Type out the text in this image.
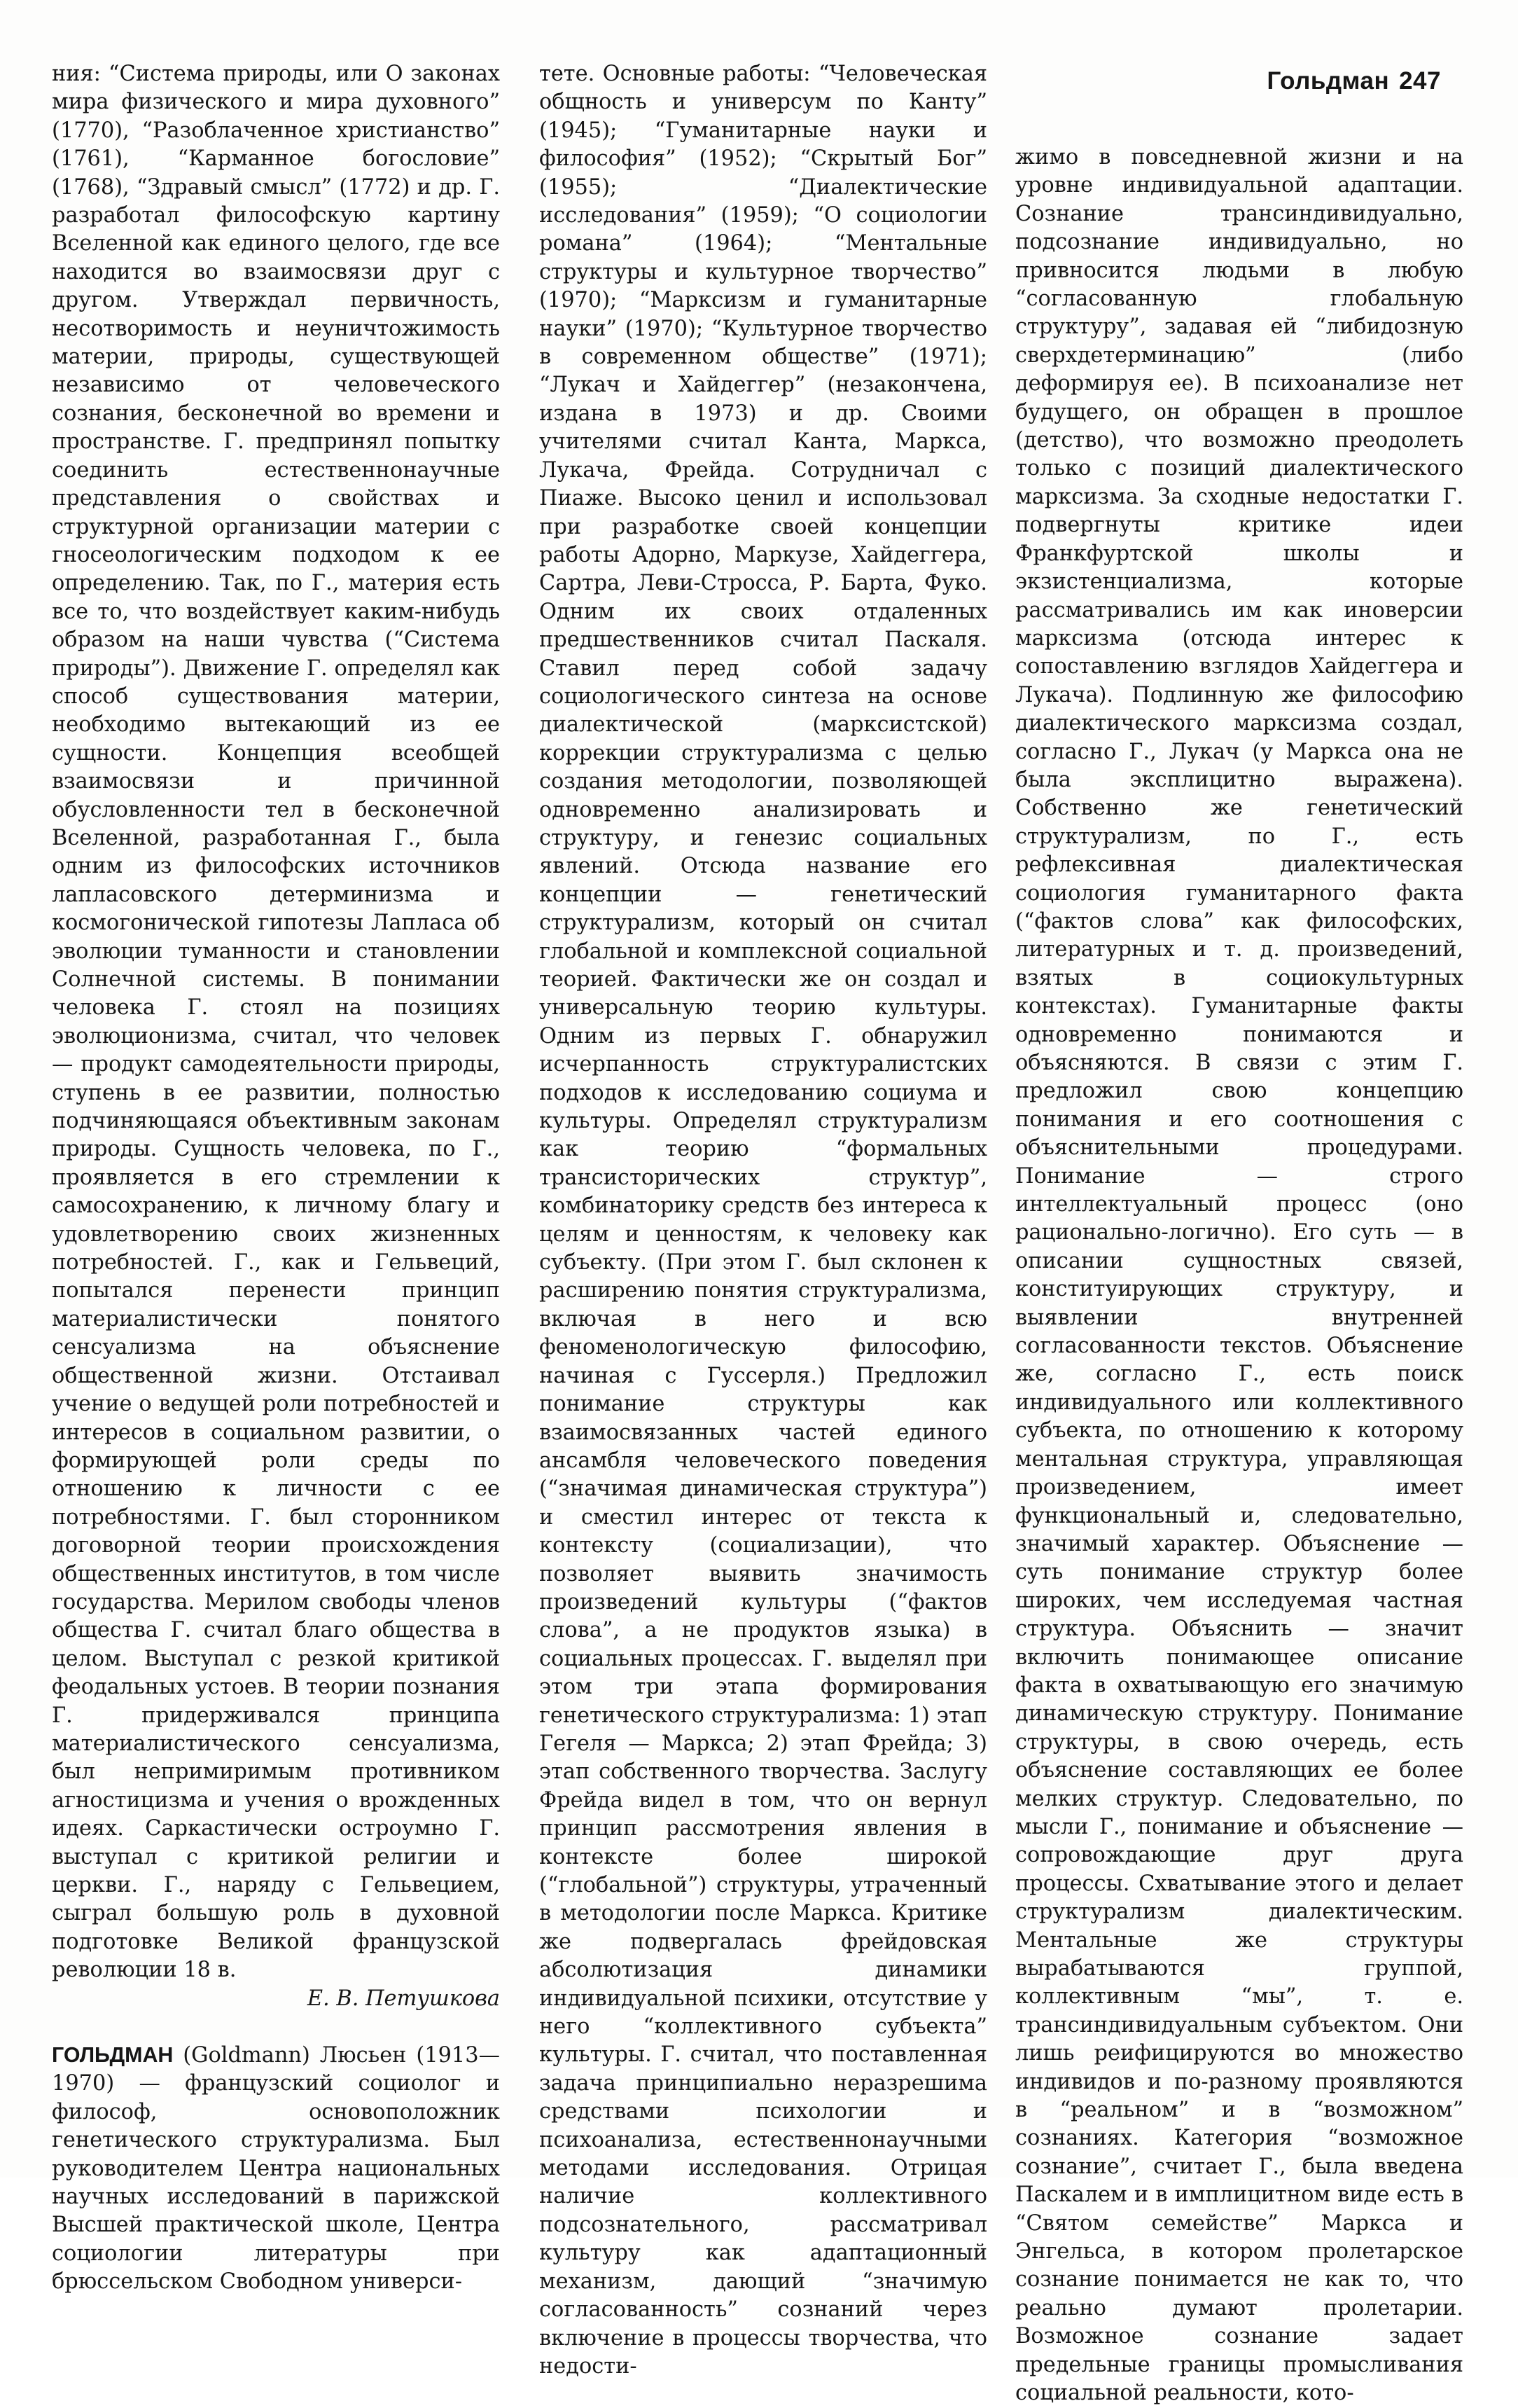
Гольдман 247

ния: “Система природы, или О законах мира физического и мира духовного” (1770), “Разоблаченное христианство” (1761), “Карманное богословие” (1768), “Здравый смысл” (1772) и др. Г. разработал философскую картину Вселенной как единого целого, где все находится во взаимосвязи друг с другом. Утверждал первичность, несотворимость и неуничтожимость материи, природы, существующей независимо от человеческого сознания, бесконечной во времени и пространстве. Г. предпринял попытку соединить естественнонаучные представления о свойствах и структурной организации материи с гносеологическим подходом к ее определению. Так, по Г., материя есть все то, что воздействует каким-нибудь образом на наши чувства (“Система природы”). Движение Г. определял как способ существования материи, необходимо вытекающий из ее сущности. Концепция всеобщей взаимосвязи и причинной обусловленности тел в бесконечной Вселенной, разработанная Г., была одним из философских источников лапласовского детерминизма и космогонической гипотезы Лапласа об эволюции туманности и становлении Солнечной системы. В понимании человека Г. стоял на позициях эволюционизма, считал, что человек — продукт самодеятельности природы, ступень в ее развитии, полностью подчиняющаяся объективным законам природы. Сущность человека, по Г., проявляется в его стремлении к самосохранению, к личному благу и удовлетворению своих жизненных потребностей. Г., как и Гельвеций, попытался перенести принцип материалистически понятого сенсуализма на объяснение общественной жизни. Отстаивал учение о ведущей роли потребностей и интересов в социальном развитии, о формирующей роли среды по отношению к личности с ее потребностями. Г. был сторонником договорной теории происхождения общественных институтов, в том числе государства. Мерилом свободы членов общества Г. считал благо общества в целом. Выступал с резкой критикой феодальных устоев. В теории познания Г. придерживался принципа материалистического сенсуализма, был непримиримым противником агностицизма и учения о врожденных идеях. Саркастически остроумно Г. выступал с критикой религии и церкви. Г., наряду с Гельвецием, сыграл большую роль в духовной подготовке Великой французской революции 18 в.

Е. В. Петушкова

ГОЛЬДМАН (Goldmann) Люсьен (1913—1970) — французский социолог и философ, основоположник генетического структурализма. Был руководителем Центра национальных научных исследований в парижской Высшей практической школе, Центра социологии литературы при брюссельском Свободном универси-

тете. Основные работы: “Человеческая общность и универсум по Канту” (1945); “Гуманитарные науки и философия” (1952); “Скрытый Бог” (1955); “Диалектические исследования” (1959); “О социологии романа” (1964); “Ментальные структуры и культурное творчество” (1970); “Марксизм и гуманитарные науки” (1970); “Культурное творчество в современном обществе” (1971); “Лукач и Хайдеггер” (незаконченa, издана в 1973) и др. Своими учителями считал Канта, Маркса, Лукача, Фрейда. Сотрудничал с Пиаже. Высоко ценил и использовал при разработке своей концепции работы Адорно, Маркузе, Хайдеггера, Сартра, Леви-Стросса, Р. Барта, Фуко. Одним их своих отдаленных предшественников считал Паскаля. Ставил перед собой задачу социологического синтеза на основе диалектической (марксистской) коррекции структурализма с целью создания методологии, позволяющей одновременно анализировать и структуру, и генезис социальных явлений. Отсюда название его концепции — генетический структурализм, который он считал глобальной и комплексной социальной теорией. Фактически же он создал и универсальную теорию культуры. Одним из первых Г. обнаружил исчерпанность структуралистских подходов к исследованию социума и культуры. Определял структурализм как теорию “формальных трансисторических структур”, комбинаторику средств без интереса к целям и ценностям, к человеку как субъекту. (При этом Г. был склонен к расширению понятия структурализма, включая в него и всю феноменологическую философию, начиная с Гуссерля.) Предложил понимание структуры как взаимосвязанных частей единого ансамбля человеческого поведения (“значимая динамическая структура”) и сместил интерес от текста к контексту (социализации), что позволяет выявить значимость произведений культуры (“фактов слова”, а не продуктов языка) в социальных процессах. Г. выделял при этом три этапа формирования генетического структурализма: 1) этап Гегеля — Маркса; 2) этап Фрейда; 3) этап собственного творчества. Заслугу Фрейда видел в том, что он вернул принцип рассмотрения явления в контексте более широкой (“глобальной”) структуры, утраченный в методологии после Маркса. Критике же подвергалась фрейдовская абсолютизация динамики индивидуальной психики, отсутствие у него “коллективного субъекта” культуры. Г. считал, что поставленная задача принципиально неразрешима средствами психологии и психоанализа, естественнонаучными методами исследования. Отрицая наличие коллективного подсознательного, рассматривал культуру как адаптационный механизм, дающий “значимую согласованность” сознаний через включение в процессы творчества, что недости-

жимо в повседневной жизни и на уровне индивидуальной адаптации. Сознание трансиндивидуально, подсознание индивидуально, но привносится людьми в любую “согласованную глобальную структуру”, задавая ей “либидозную сверхдетерминацию” (либо деформируя ее). В психоанализе нет будущего, он обращен в прошлое (детство), что возможно преодолеть только с позиций диалектического марксизма. За сходные недостатки Г. подвергнуты критике идеи Франкфуртской школы и экзистенциализма, которые рассматривались им как иноверсии марксизма (отсюда интерес к сопоставлению взглядов Хайдеггера и Лукача). Подлинную же философию диалектического марксизма создал, согласно Г., Лукач (у Маркса она не была эксплицитно выражена). Собственно же генетический структурализм, по Г., есть рефлексивная диалектическая социология гуманитарного факта (“фактов слова” как философских, литературных и т. д. произведений, взятых в социокультурных контекстах). Гуманитарные факты одновременно понимаются и объясняются. В связи с этим Г. предложил свою концепцию понимания и его соотношения с объяснительными процедурами. Понимание — строго интеллектуальный процесс (оно рационально-логично). Его суть — в описании сущностных связей, конституирующих структуру, и выявлении внутренней согласованности текстов. Объяснение же, согласно Г., есть поиск индивидуального или коллективного субъекта, по отношению к которому ментальная структура, управляющая произведением, имеет функциональный и, следовательно, значимый характер. Объяснение — суть понимание структур более широких, чем исследуемая частная структура. Объяснить — значит включить понимающее описание факта в охватывающую его значимую динамическую структуру. Понимание структуры, в свою очередь, есть объяснение составляющих ее более мелких структур. Следовательно, по мысли Г., понимание и объяснение — сопровождающие друг друга процессы. Схватывание этого и делает структурализм диалектическим. Ментальные же структуры вырабатываются группой, коллективным “мы”, т. е. трансиндивидуальным субъектом. Они лишь реифицируются во множество индивидов и по-разному проявляются в “реальном” и в “возможном” сознаниях. Категория “возможное сознание”, считает Г., была введена Паскалем и в имплицитном виде есть в “Святом семействе” Маркса и Энгельса, в котором пролетарское сознание понимается не как то, что реально думают пролетарии. Возможное сознание задает предельные границы промысливания социальной реальности, кото-
